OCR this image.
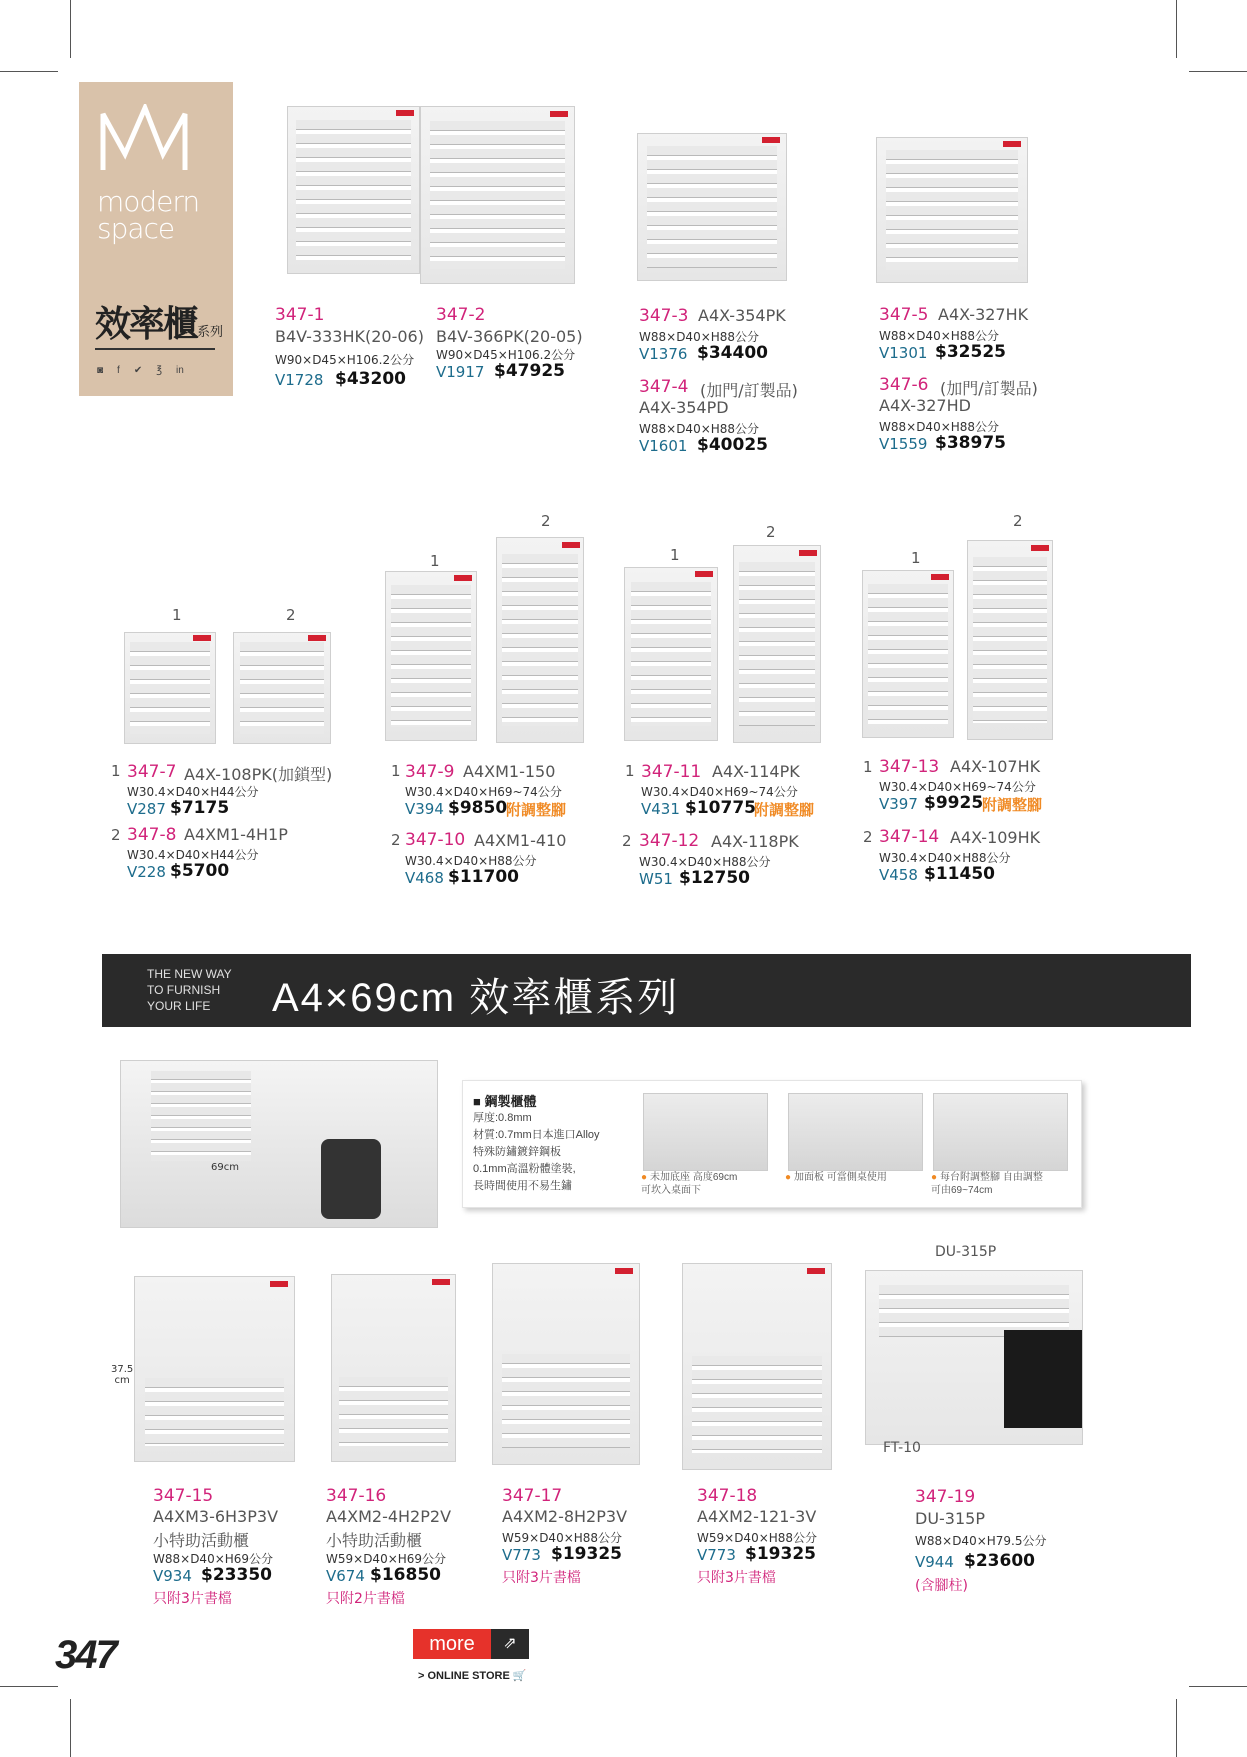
modern
space
效率櫃系列
◙ f ✔ ℥ in
347-1
B4V-333HK(20-06)
W90×D45×H106.2公分
V1728 $43200
347-2
B4V-366PK(20-05)
W90×D45×H106.2公分
V1917 $47925
347-3 A4X-354PK
W88×D40×H88公分
V1376 $34400
347-4 (加門/訂製品)
A4X-354PD
W88×D40×H88公分
V1601 $40025
347-5 A4X-327HK
W88×D40×H88公分
V1301 $32525
347-6 (加門/訂製品)
A4X-327HD
W88×D40×H88公分
V1559 $38975
1	2
1
2
1
2
1
2
1 347-7 A4X-108PK(加鎖型)
W30.4×D40×H44公分
V287 $7175
2 347-8 A4XM1-4H1P
W30.4×D40×H44公分
V228 $5700
1 347-9 A4XM1-150
W30.4×D40×H69~74公分
V394 $9850
附調整腳
2 347-10 A4XM1-410
W30.4×D40×H88公分
V468 $11700
1 347-11 A4X-114PK
W30.4×D40×H69~74公分
V431 $10775
附調整腳
2 347-12 A4X-118PK
W30.4×D40×H88公分
W51 $12750
1 347-13 A4X-107HK
W30.4×D40×H69~74公分
V397 $9925
附調整腳
2 347-14 A4X-109HK
W30.4×D40×H88公分
V458 $11450
THE NEW WAY
TO FURNISH
YOUR LIFE	A4×69cm 效率櫃系列
69cm
■ 鋼製櫃體
厚度:0.8mm
材質:0.7mm日本進口Alloy
特殊防鏽鍍鋅鋼板
0.1mm高溫粉體塗裝,
長時間使用不易生鏽
● 未加底座 高度69cm
可坎入桌面下
● 加面板 可當側桌使用
●	每台附調整腳 自由調整
可由69~74cm
37.5
cm
DU-315P
FT-10
347-15
A4XM3-6H3P3V
小特助活動櫃
W88×D40×H69公分
V934 $23350
只附3片書檔
347-16
A4XM2-4H2P2V
小特助活動櫃
W59×D40×H69公分
V674 $16850
只附2片書檔
347-17
A4XM2-8H2P3V
W59×D40×H88公分
V773 $19325
只附3片書檔
347-18
A4XM2-121-3V
W59×D40×H88公分
V773 $19325
只附3片書檔
347-19
DU-315P
W88×D40×H79.5公分
V944 $23600
(含腳柱)
347	more	⇗
> ONLINE STORE 🛒
